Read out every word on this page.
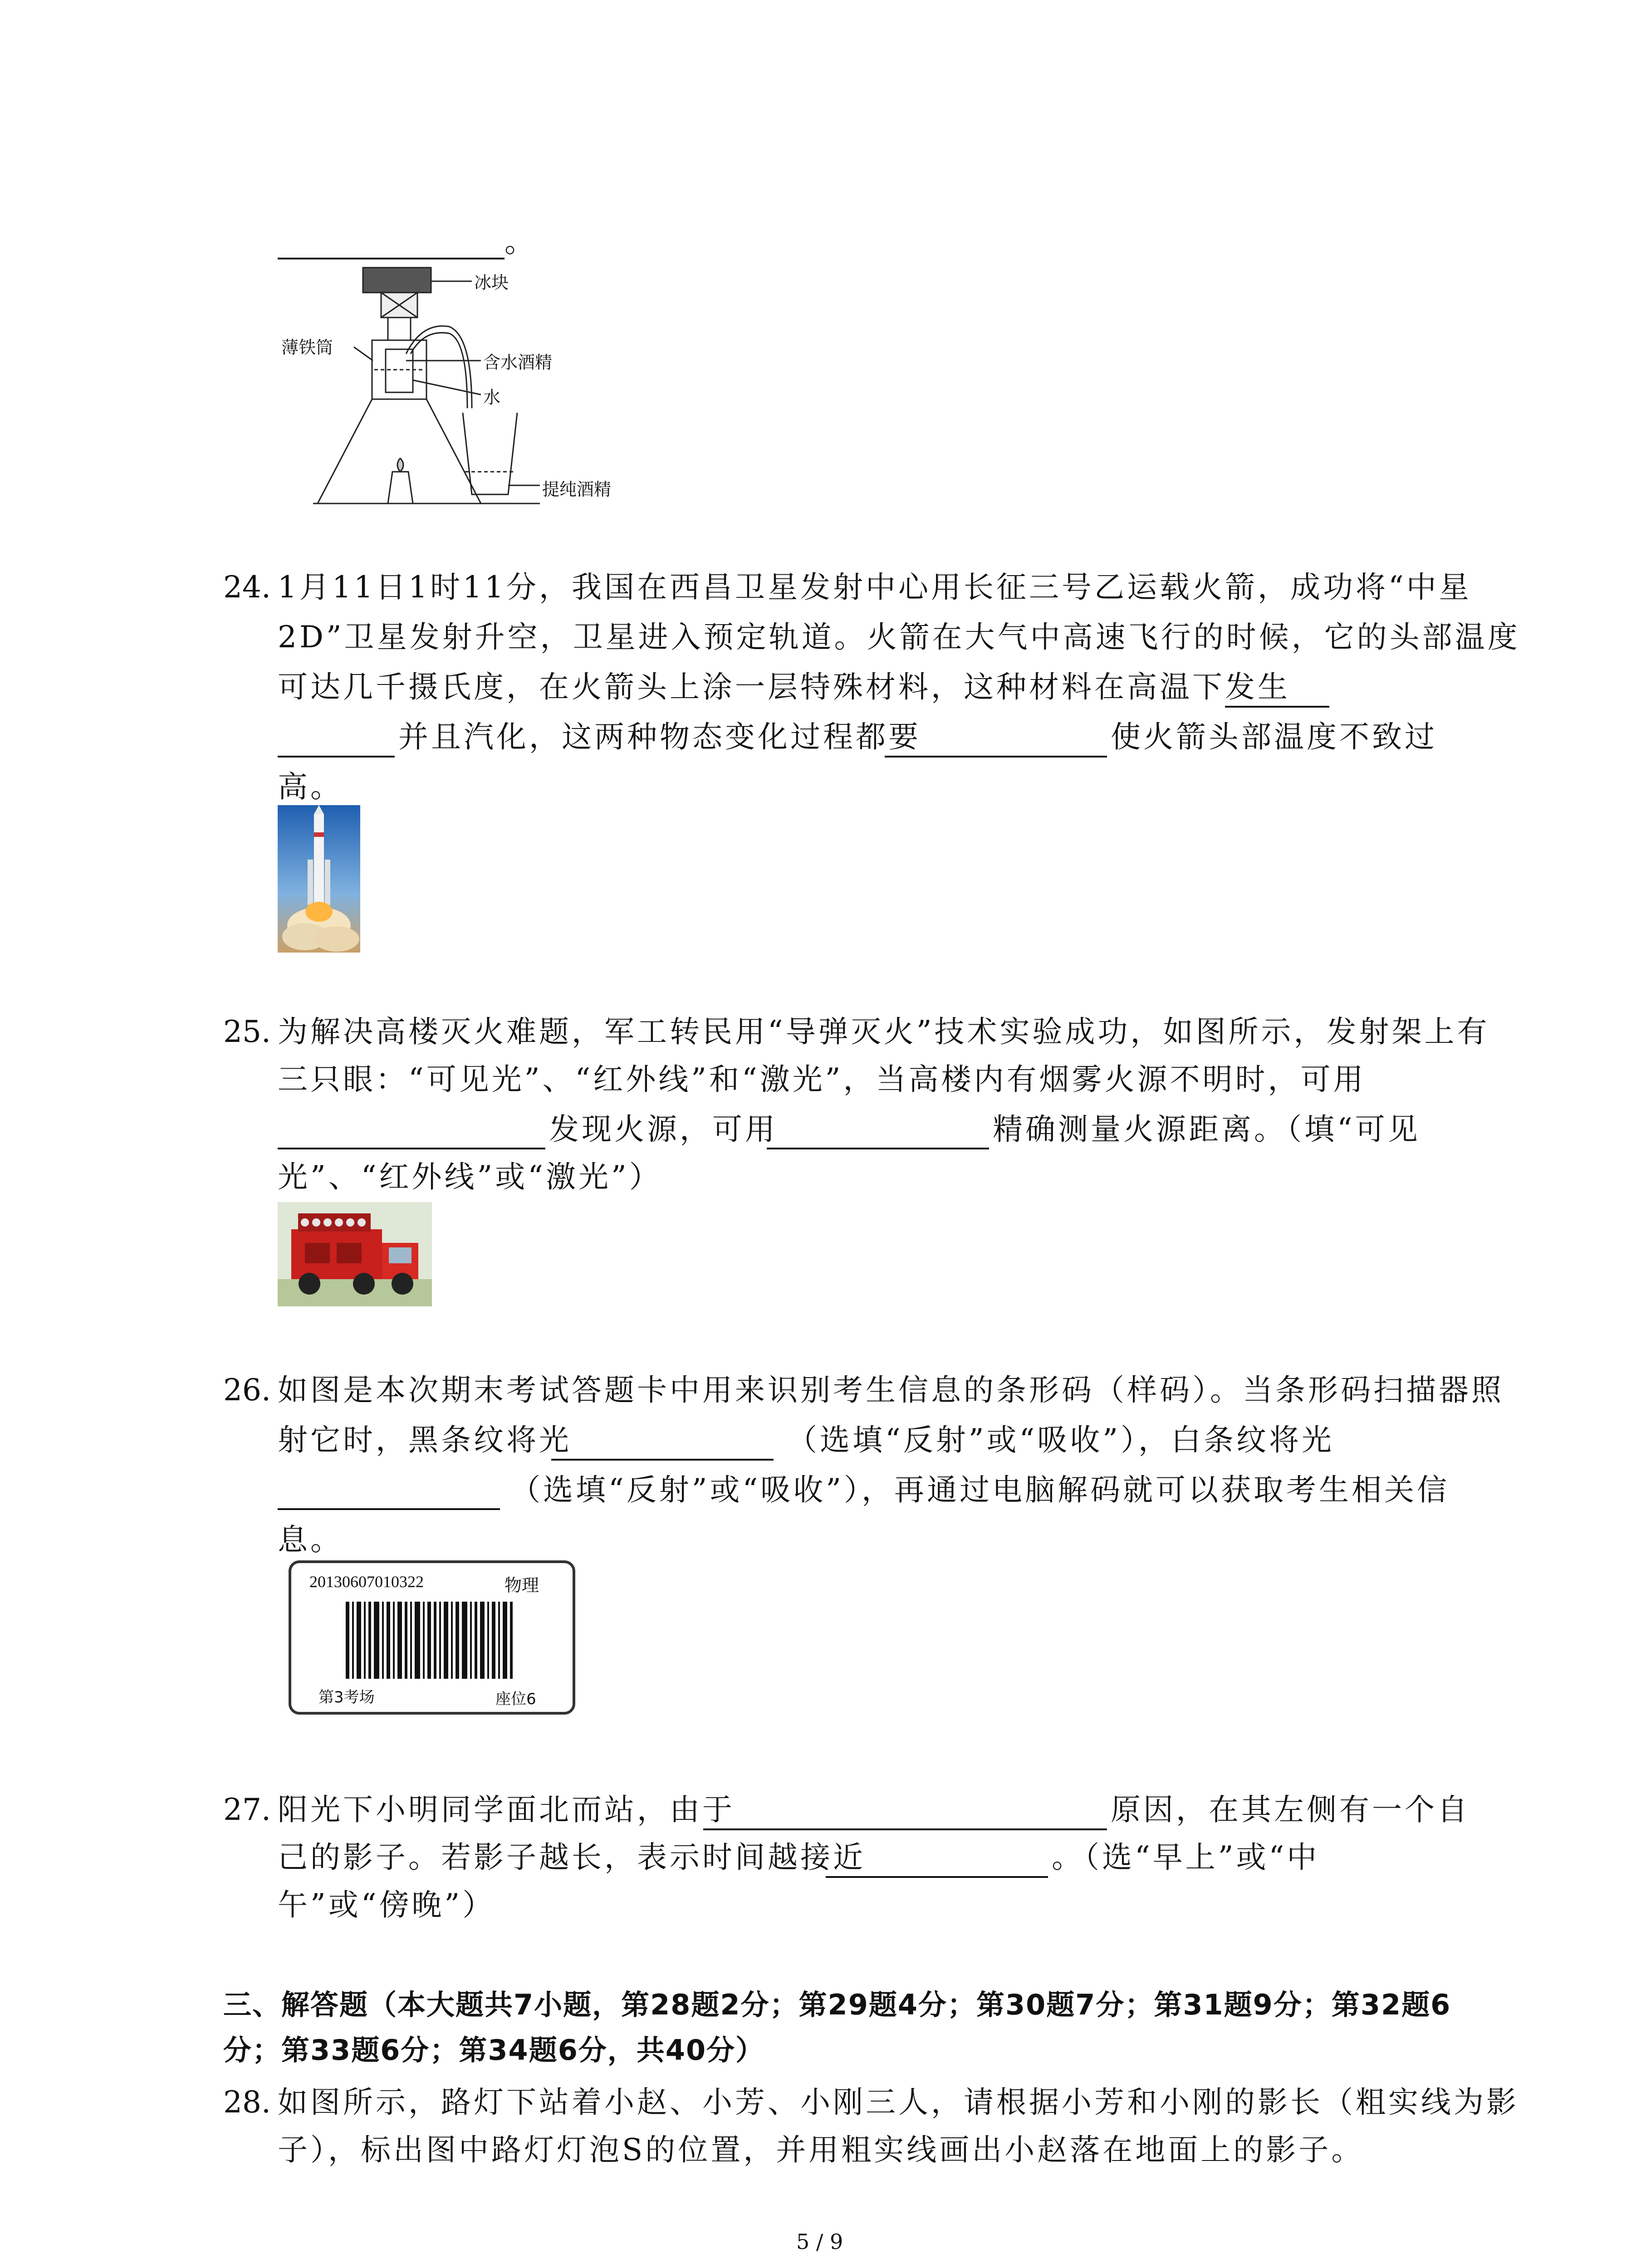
。
冰块
薄铁筒
含水酒精
水
提纯酒精
24. 1月11日1时11分，我国在西昌卫星发射中心用长征三号乙运载火箭，成功将“中星
2D”卫星发射升空，卫星进入预定轨道。火箭在大气中高速飞行的时候，它的头部温度
可达几千摄氏度，在火箭头上涂一层特殊材料，这种材料在高温下发生
并且汽化，这两种物态变化过程都要	使火箭头部温度不致过
高。
25. 为解决高楼灭火难题，军工转民用“导弹灭火”技术实验成功，如图所示，发射架上有
三只眼：“可见光”、“红外线”和“激光”，当高楼内有烟雾火源不明时，可用
发现火源，可用	精确测量火源距离。（填“可见
光”、“红外线”或“激光”）
26. 如图是本次期末考试答题卡中用来识别考生信息的条形码（样码）。当条形码扫描器照
射它时，黑条纹将光	（选填“反射”或“吸收”），白条纹将光
（选填“反射”或“吸收”），再通过电脑解码就可以获取考生相关信
息。
20130607010322	物理
第3考场	座位6
27. 阳光下小明同学面北而站，由于	原因，在其左侧有一个自
己的影子。若影子越长，表示时间越接近	。（选“早上”或“中
午”或“傍晚”）
三、解答题（本大题共7小题，第28题2分；第29题4分；第30题7分；第31题9分；第32题6
分；第33题6分；第34题6分，共40分）
28. 如图所示，路灯下站着小赵、小芳、小刚三人，请根据小芳和小刚的影长（粗实线为影
子），标出图中路灯灯泡S的位置，并用粗实线画出小赵落在地面上的影子。
5 / 9
